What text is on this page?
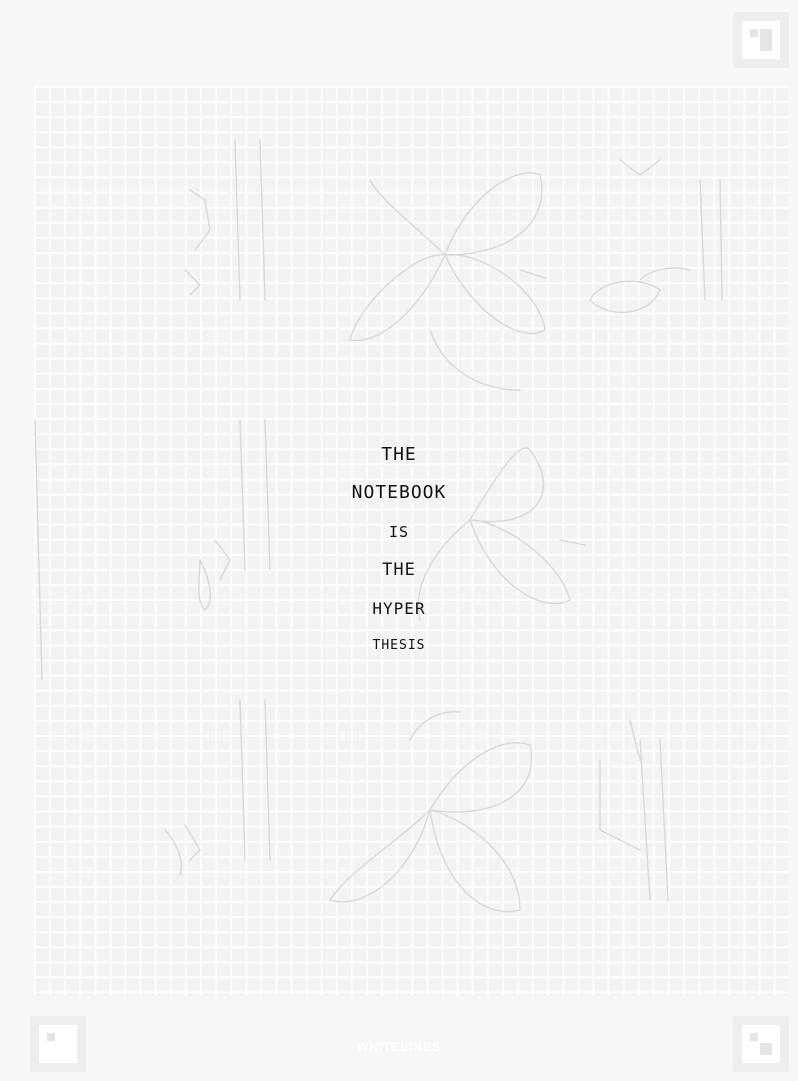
THE
NOTEBOOK
IS
THE
HYPER
THESIS
WHITELINES
